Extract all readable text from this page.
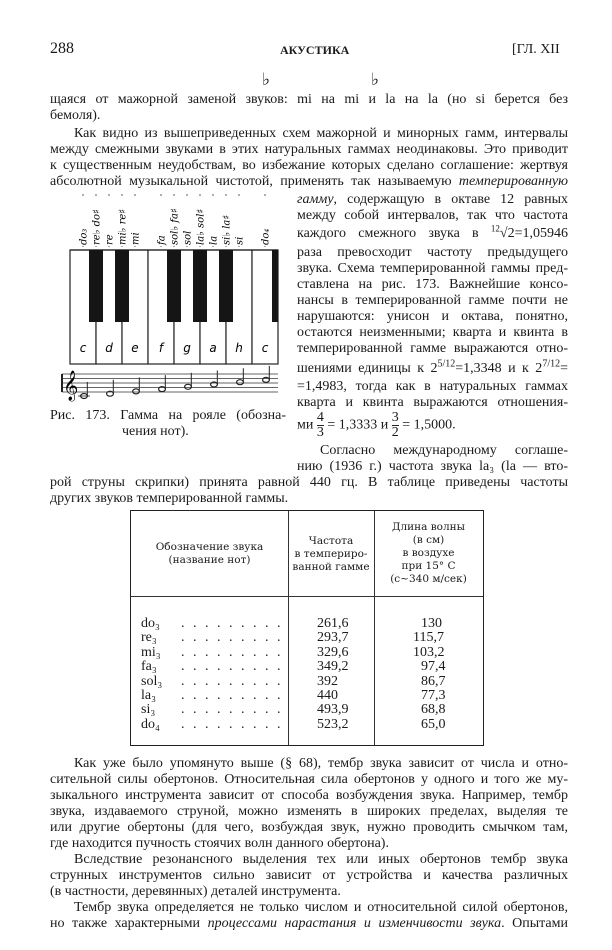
288	АКУСТИКА	[ГЛ. XII
♭	♭
щаяся от мажорной заменой звуков: mi на mi и la на la (но si берется без
бемоля).
Как видно из вышеприведенных схем мажорной и минорных гамм, интервалы
между смежными звуками в этих натуральных гаммах неодинаковы. Это приводит
к существенным неудобствам, во избежание которых сделано соглашение: жертвуя
абсолютной музыкальной чистотой, применять так называемую темперированную
гамму, содержащую в октаве 12 равных
между собой интервалов, так что частота
каждого смежного звука в $^{12}$√2=1,05946
шениями единицы к $2^{5/12}=1,3348$ и к $2^{7/12}=$
=1,4983, тогда как в натуральных гаммах
кварта и квинта выражаются отношения-
ми $\frac{4}{3} = 1,3333$ и $\frac{3}{2} = 1,5000$.
Согласно международному соглаше-
нию (1936 г.) частота звука la₃ (la — вто-
рой струны скрипки) принята равной 440 гц. В таблице приведены частоты
других звуков темперированной гаммы.
c d e f g a h c
do₃ re♭ do♯ re mi♭ re♯ mi fa sol♭ fa♯ sol la♭ sol♯ la si♭ la♯ si do₄
𝄞
Рис. 173. Гамма на рояле (обозна-
чения нот).
Обозначение звука
(название нот)
Частота
в темпериро-
ванной гамме
Длина волны
(в см)
в воздухе
при 15° С
(c~340 м/сек)
do₃ . . . . . . . . . 261,6	130
re₃ . . . . . . . . . 293,7	115,7
mi₃ . . . . . . . . . 329,6	103,2
fa₃ . . . . . . . . . 349,2	97,4
sol₃ . . . . . . . . . 392	86,7
la₃ . . . . . . . . . 440	77,3
si₃ . . . . . . . . . 493,9	68,8
do₄ . . . . . . . . . 523,2	65,0
Тембр звука определяется не только числом и относительной силой обертонов,
но также характерными процессами нарастания и изменчивости звука. Опытами
раза превосходит частоту предыдущего
звука. Схема темперированной гаммы пред-
ставлена на рис. 173. Важнейшие консо-
нансы в темперированной гамме почти не
нарушаются: унисон и октава, понятно,
остаются неизменными; кварта и квинта в
темперированной гамме выражаются отно-
Как уже было упомянуто выше (§ 68), тембр звука зависит от числа и отно-
сительной силы обертонов. Относительная сила обертонов у одного и того же му-
зыкального инструмента зависит от способа возбуждения звука. Например, тембр
звука, издаваемого струной, можно изменять в широких пределах, выделяя те
или другие обертоны (для чего, возбуждая звук, нужно проводить смычком там,
где находится пучность стоячих волн данного обертона).
Вследствие резонансного выделения тех или иных обертонов тембр звука
струнных инструментов сильно зависит от устройства и качества различных
(в частности, деревянных) деталей инструмента.
